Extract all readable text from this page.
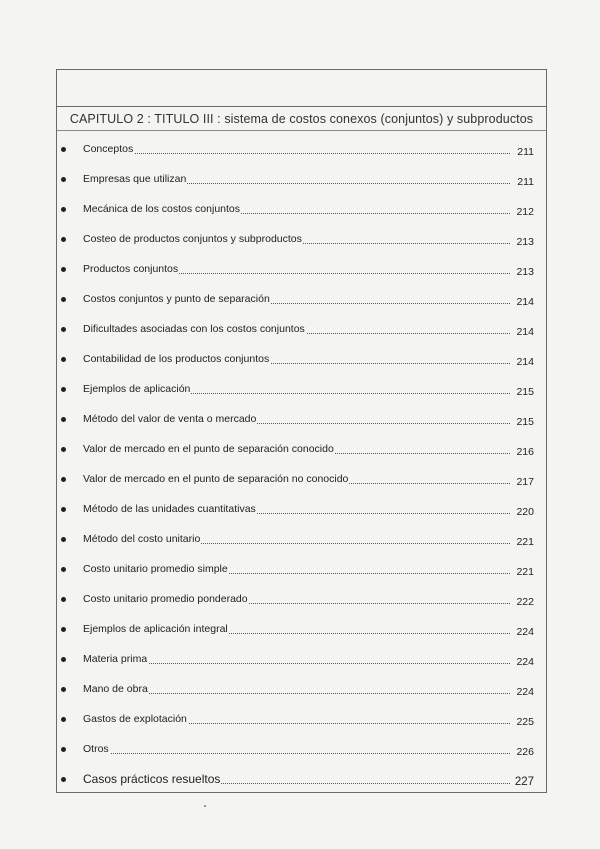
CAPITULO 2 : TITULO III : sistema de costos conexos (conjuntos) y subproductos
Conceptos	211
Empresas que utilizan	211
Mecánica de los costos conjuntos	212
Costeo de productos conjuntos y subproductos	213
Productos conjuntos	213
Costos conjuntos y punto de separación	214
Dificultades asociadas con los costos conjuntos	214
Contabilidad de los productos conjuntos	214
Ejemplos de aplicación	215
Método del valor de venta o mercado	215
Valor de mercado en el punto de separación conocido	216
Valor de mercado en el punto de separación no conocido	217
Método de las unidades cuantitativas	220
Método del costo unitario	221
Costo unitario promedio simple	221
Costo unitario promedio ponderado	222
Ejemplos de aplicación integral	224
Materia prima	224
Mano de obra	224
Gastos de explotación	225
Otros	226
Casos prácticos resueltos	227
